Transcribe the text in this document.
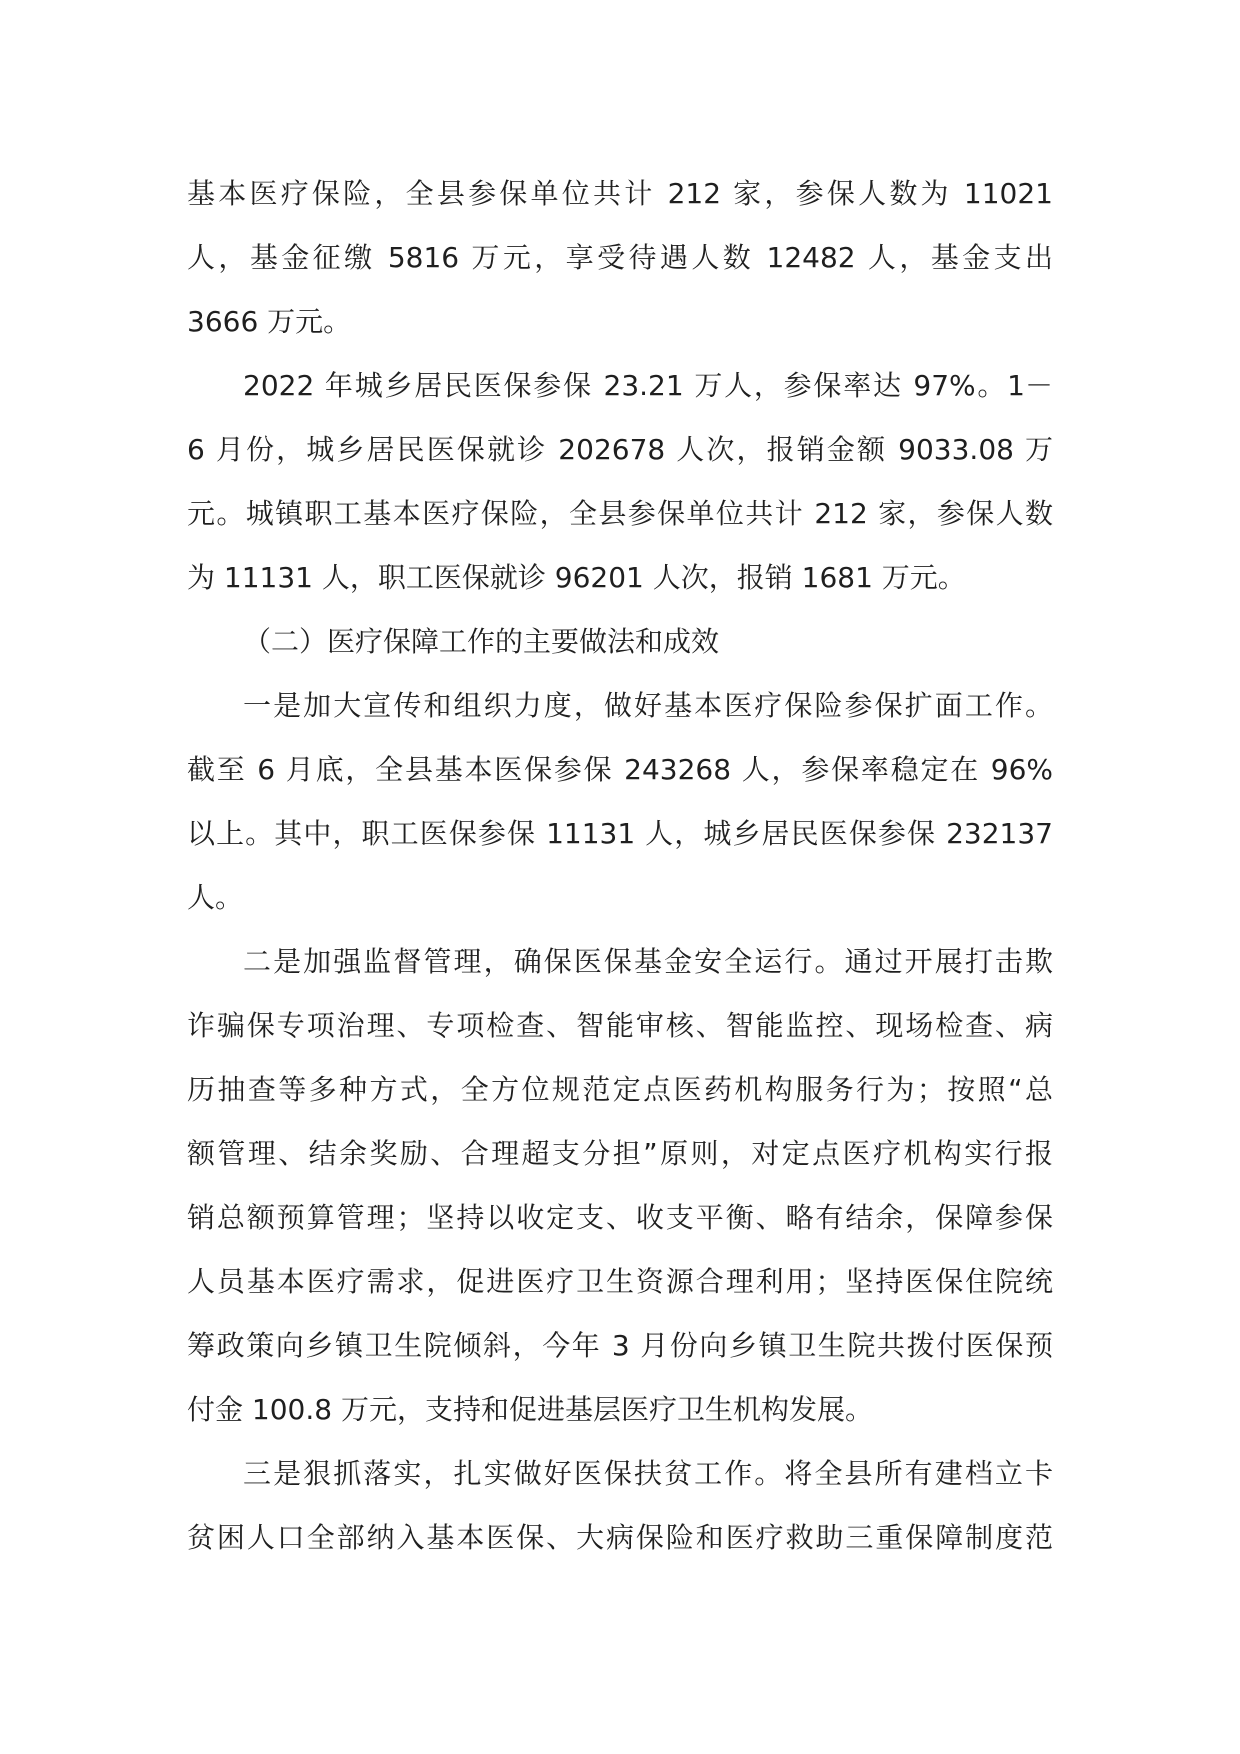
基本医疗保险，全县参保单位共计 212 家，参保人数为 11021
人，基金征缴 5816 万元，享受待遇人数 12482 人，基金支出
3666 万元。
2022 年城乡居民医保参保 23.21 万人，参保率达 97%。1－
6 月份，城乡居民医保就诊 202678 人次，报销金额 9033.08 万
元。城镇职工基本医疗保险，全县参保单位共计 212 家，参保人数
为 11131 人，职工医保就诊 96201 人次，报销 1681 万元。
（二）医疗保障工作的主要做法和成效
一是加大宣传和组织力度，做好基本医疗保险参保扩面工作。
截至 6 月底，全县基本医保参保 243268 人，参保率稳定在 96%
以上。其中，职工医保参保 11131 人，城乡居民医保参保 232137
人。
二是加强监督管理，确保医保基金安全运行。通过开展打击欺
诈骗保专项治理、专项检查、智能审核、智能监控、现场检查、病
历抽查等多种方式，全方位规范定点医药机构服务行为；按照“总
额管理、结余奖励、合理超支分担”原则，对定点医疗机构实行报
销总额预算管理；坚持以收定支、收支平衡、略有结余，保障参保
人员基本医疗需求，促进医疗卫生资源合理利用；坚持医保住院统
筹政策向乡镇卫生院倾斜，今年 3 月份向乡镇卫生院共拨付医保预
付金 100.8 万元，支持和促进基层医疗卫生机构发展。
三是狠抓落实，扎实做好医保扶贫工作。将全县所有建档立卡
贫困人口全部纳入基本医保、大病保险和医疗救助三重保障制度范
